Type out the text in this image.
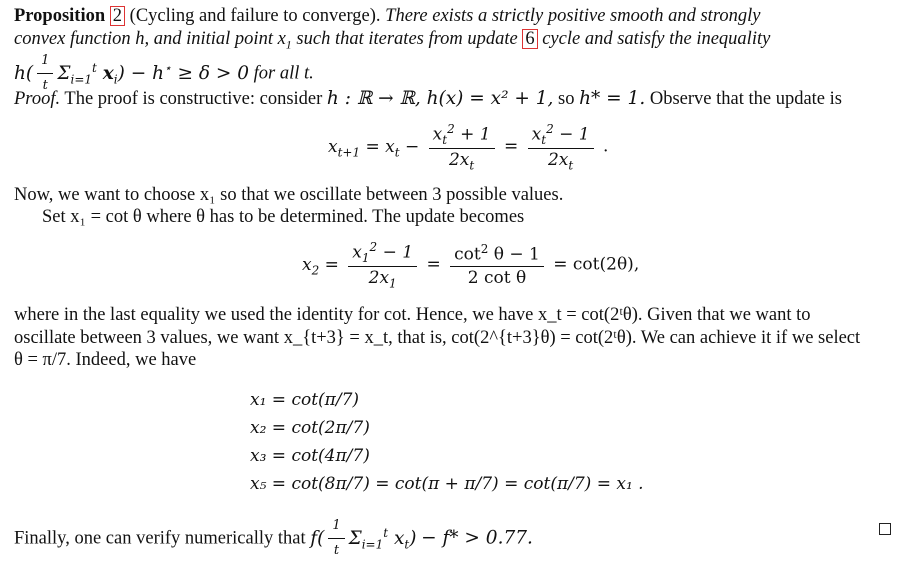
Proposition 2 (Cycling and failure to converge). There exists a strictly positive smooth and strongly
convex function h, and initial point $x_1$ such that iterates from update 6 cycle and satisfy the inequality
$h( \frac{1}{t} \Sigma_{i=1}^t$ $x_i) - h^⋆ \ge \delta > 0$ for all t.
Proof. The proof is constructive: consider h : ℝ → ℝ, h(x) = x² + 1, so h* = 1. Observe that the update is
$x_{t+1} = x_t - \frac{x_t^2 + 1}{2x_t} = \frac{x_t^2 - 1}{2x_t}$ .
Now, we want to choose x₁ so that we oscillate between 3 possible values.
Set x₁ = cot θ where θ has to be determined. The update becomes
$x_2 = \frac{x_1^2 - 1}{2x_1} = \frac{\cot^2 \theta - 1}{\text{2 cot θ}} = \cot(2\theta)$,
where in the last equality we used the identity for cot. Hence, we have x_t = cot(2ᵗθ). Given that we want to
oscillate between 3 values, we want x_{t+3} = x_t, that is, cot(2^{t+3}θ) = cot(2ᵗθ). We can achieve it if we select
θ = π/7. Indeed, we have
x₁ = cot(π/7)
x₂ = cot(2π/7)
x₃ = cot(4π/7)
x₅ = cot(8π/7) = cot(π + π/7) = cot(π/7) = x₁ .
Finally, one can verify numerically that $f( \frac{1}{t} \Sigma_{i=1}^t$ $x_t) - f* > 0.77$.
